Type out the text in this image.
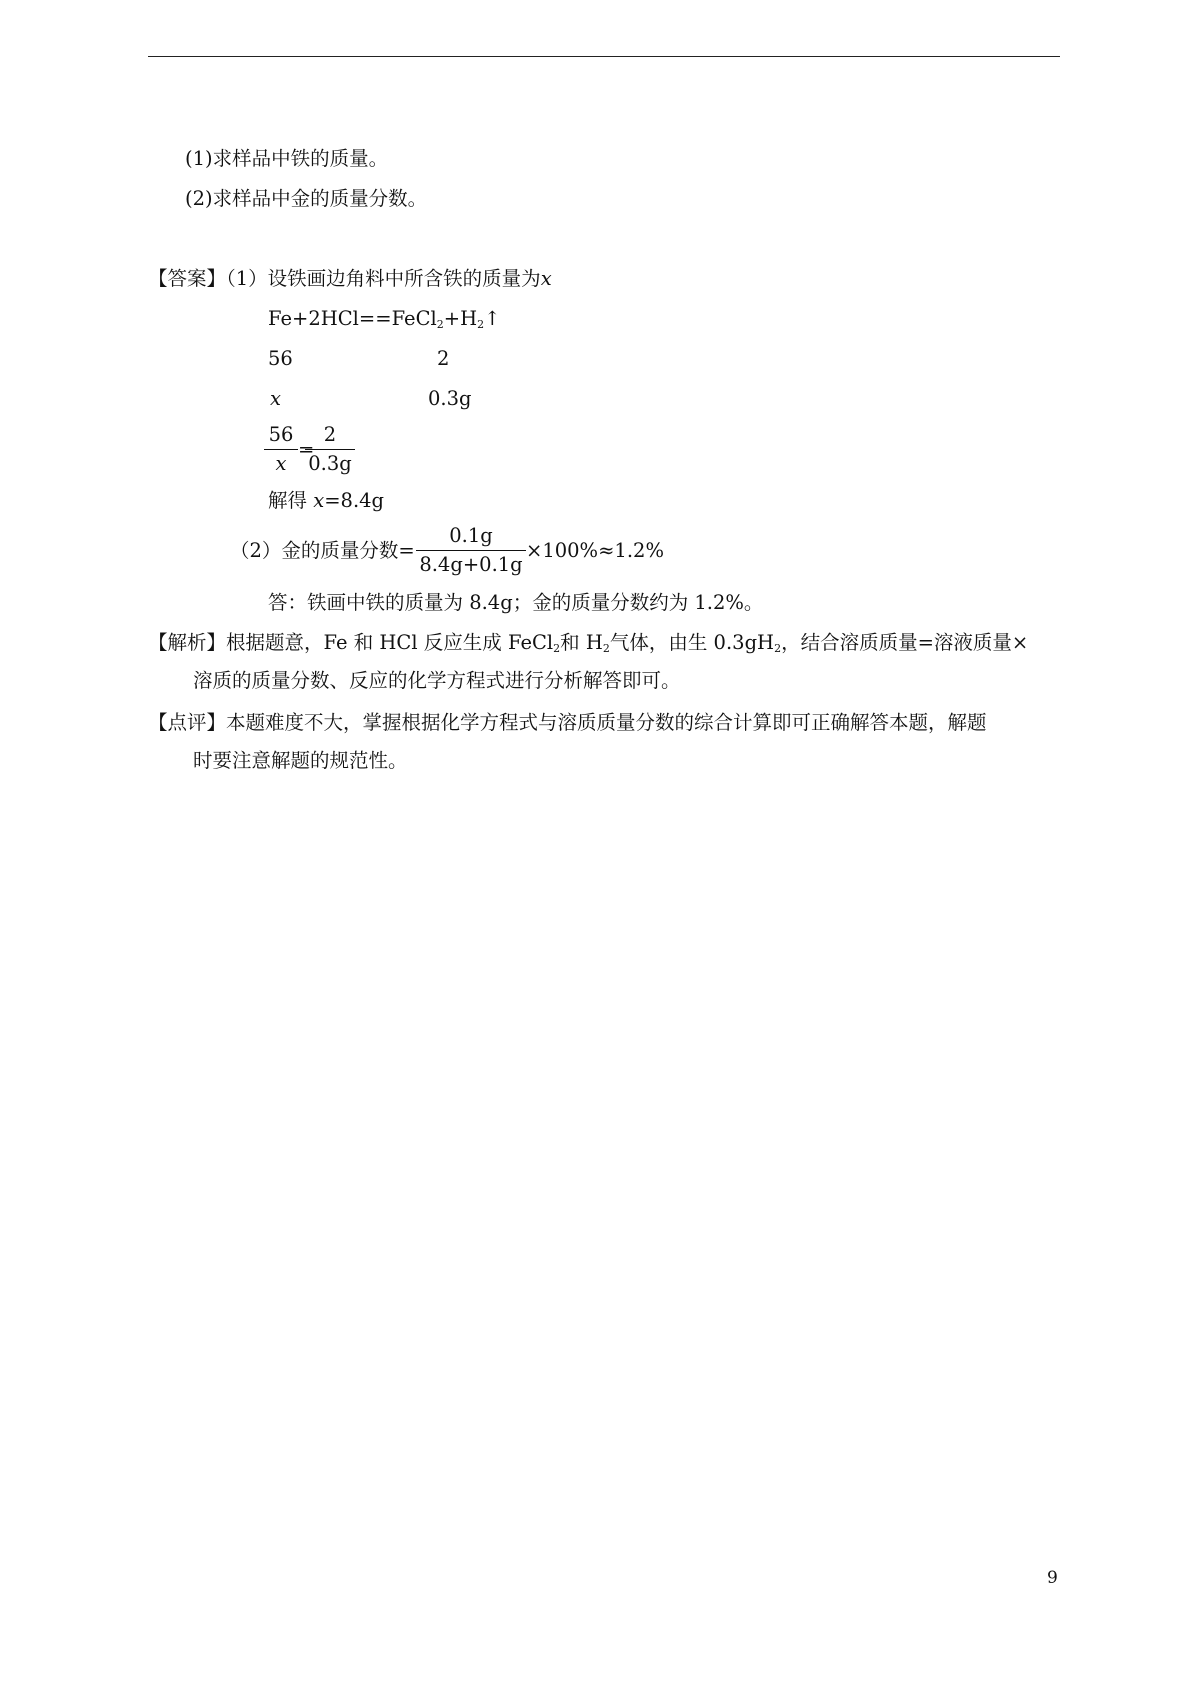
(1)求样品中铁的质量。
(2)求样品中金的质量分数。
【答案】（1）设铁画边角料中所含铁的质量为x
$Fe+2HCl==FeCl_2+H_2↑$
56	2
x	0.3g
56
x
=
2
0.3g
解得 x=8.4g
（2）金的质量分数=
0.1g
8.4g+0.1g
×100%≈1.2%
答：铁画中铁的质量为 8.4g；金的质量分数约为 1.2%。
【解析】根据题意，Fe 和 HCl 反应生成 FeCl$_2$和 $H_2$气体，由生 $0.3gH_2$，结合溶质质量=溶液质量×
溶质的质量分数、反应的化学方程式进行分析解答即可。
【点评】本题难度不大，掌握根据化学方程式与溶质质量分数的综合计算即可正确解答本题，解题
时要注意解题的规范性。
9
